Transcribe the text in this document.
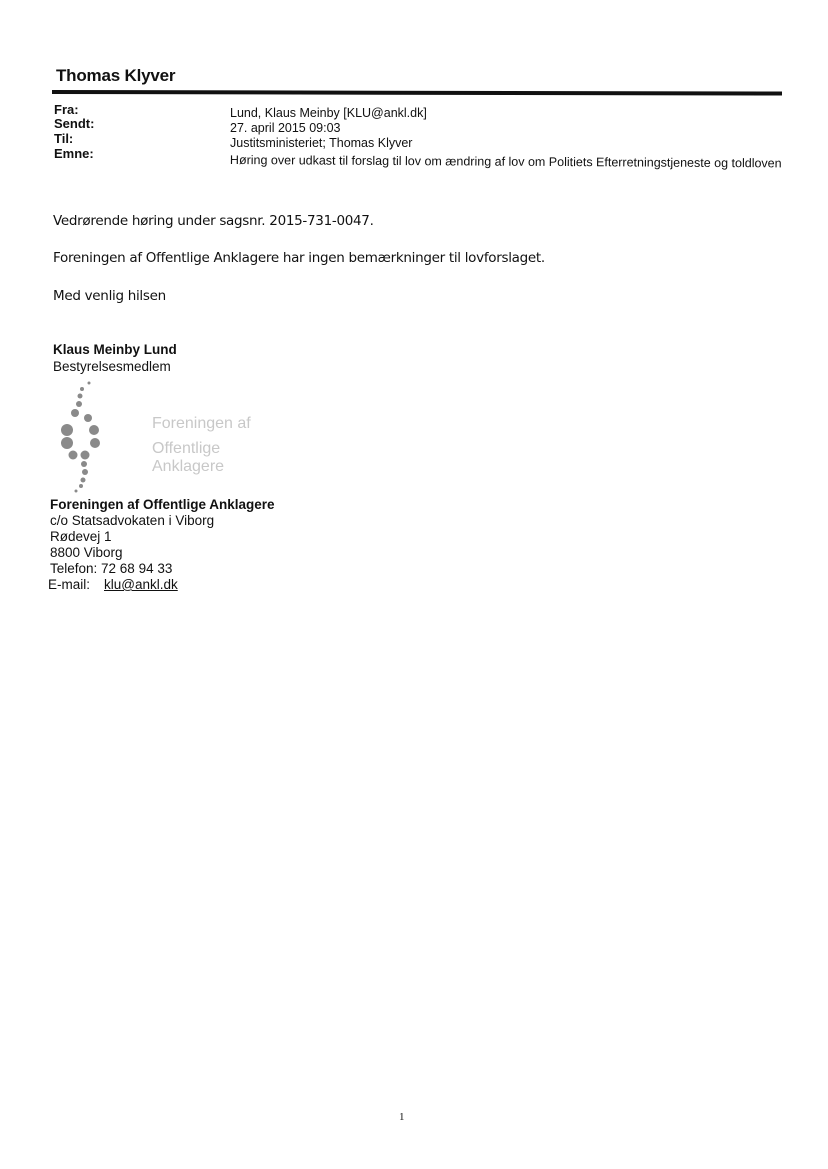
Thomas Klyver
Fra:	Lund, Klaus Meinby [KLU@ankl.dk]
Sendt:	27. april 2015 09:03
Til:	Justitsministeriet; Thomas Klyver
Emne:	Høring over udkast til forslag til lov om ændring af lov om Politiets Efterretningstjeneste og toldloven
Vedrørende høring under sagsnr. 2015-731-0047.
Foreningen af Offentlige Anklagere har ingen bemærkninger til lovforslaget.
Med venlig hilsen
Klaus Meinby Lund
Bestyrelsesmedlem
Foreningen af
Offentlige Anklagere
Foreningen af Offentlige Anklagere
c/o Statsadvokaten i Viborg
Rødevej 1
8800 Viborg
Telefon: 72 68 94 33
E-mail: klu@ankl.dk
1
